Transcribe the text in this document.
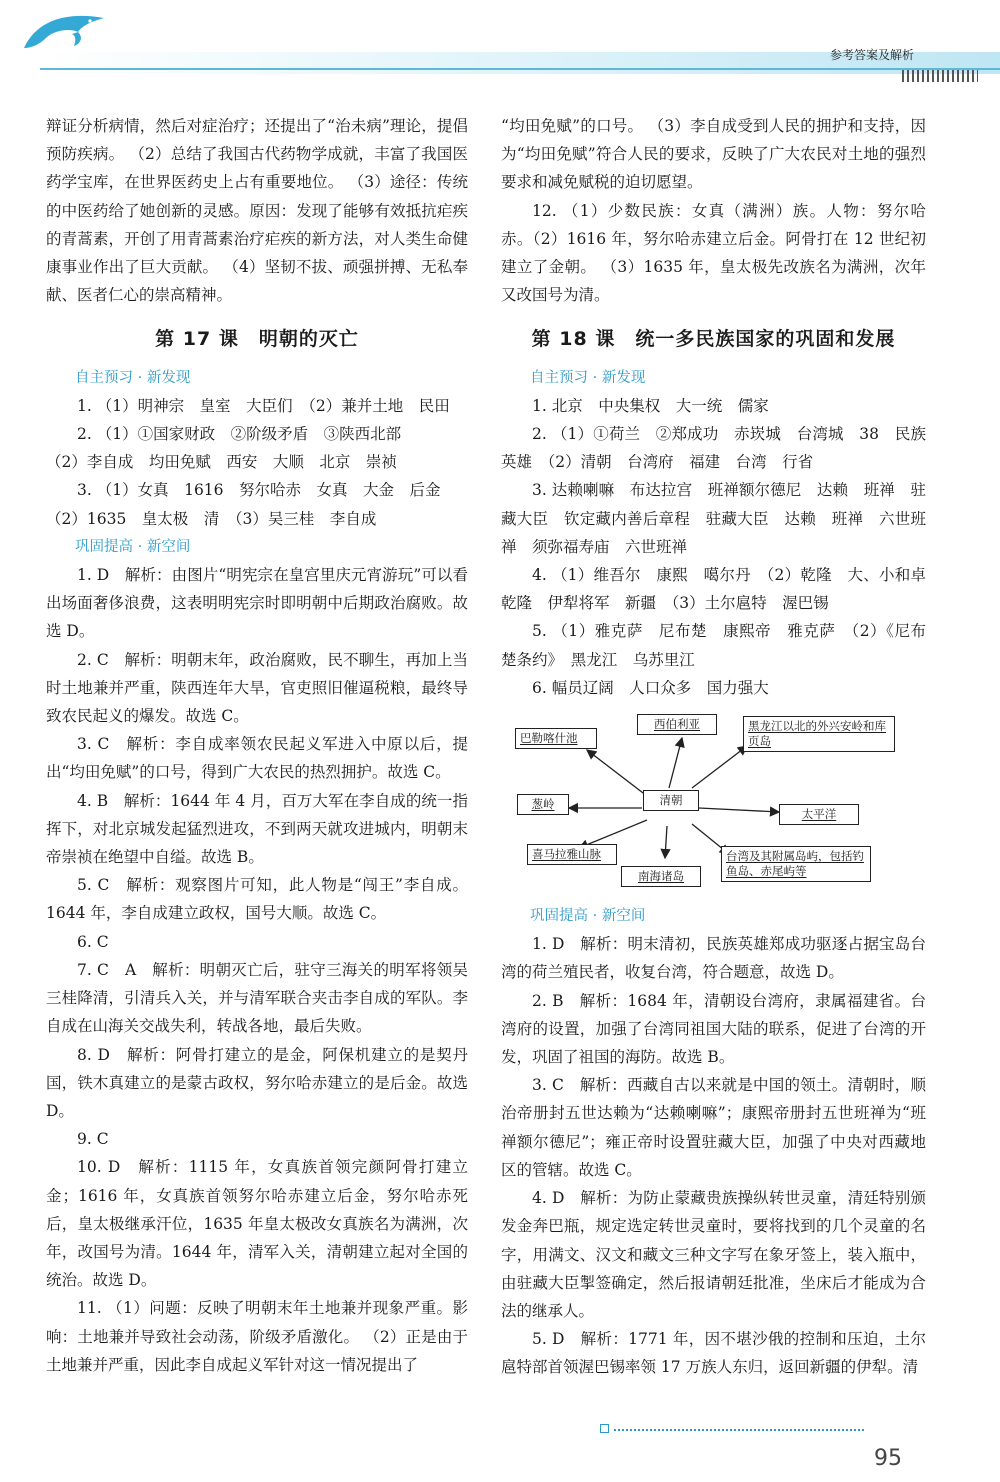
参考答案及解析

辩证分析病情，然后对症治疗；还提出了“治未病”理论，提倡预防疾病。 （2）总结了我国古代药物学成就，丰富了我国医药学宝库，在世界医药史上占有重要地位。 （3）途径：传统的中医药给了她创新的灵感。原因：发现了能够有效抵抗疟疾的青蒿素，开创了用青蒿素治疗疟疾的新方法，对人类生命健康事业作出了巨大贡献。 （4）坚韧不拔、顽强拼搏、无私奉献、医者仁心的崇高精神。

第 17 课　明朝的灭亡

自主预习 · 新发现

1. （1）明神宗　皇室　大臣们　（2）兼并土地　民田

2. （1）①国家财政　②阶级矛盾　③陕西北部

（2）李自成　均田免赋　西安　大顺　北京　崇祯

3. （1）女真　1616　努尔哈赤　女真　大金　后金

（2）1635　皇太极　清　（3）吴三桂　李自成

巩固提高 · 新空间

1. D　解析：由图片“明宪宗在皇宫里庆元宵游玩”可以看出场面奢侈浪费，这表明明宪宗时即明朝中后期政治腐败。故选 D。

2. C　解析：明朝末年，政治腐败，民不聊生，再加上当时土地兼并严重，陕西连年大旱，官吏照旧催逼税粮，最终导致农民起义的爆发。故选 C。

3. C　解析：李自成率领农民起义军进入中原以后，提出“均田免赋”的口号，得到广大农民的热烈拥护。故选 C。

4. B　解析：1644 年 4 月，百万大军在李自成的统一指挥下，对北京城发起猛烈进攻，不到两天就攻进城内，明朝末帝崇祯在绝望中自缢。故选 B。

5. C　解析：观察图片可知，此人物是“闯王”李自成。1644 年，李自成建立政权，国号大顺。故选 C。

6. C

7. C　A　解析：明朝灭亡后，驻守三海关的明军将领吴三桂降清，引清兵入关，并与清军联合夹击李自成的军队。李自成在山海关交战失利，转战各地，最后失败。

8. D　解析：阿骨打建立的是金，阿保机建立的是契丹国，铁木真建立的是蒙古政权，努尔哈赤建立的是后金。故选 D。

9. C

10. D　解析：1115 年，女真族首领完颜阿骨打建立金；1616 年，女真族首领努尔哈赤建立后金，努尔哈赤死后，皇太极继承汗位，1635 年皇太极改女真族名为满洲，次年，改国号为清。1644 年，清军入关，清朝建立起对全国的统治。故选 D。

11. （1）问题：反映了明朝末年土地兼并现象严重。影响：土地兼并导致社会动荡，阶级矛盾激化。 （2）正是由于土地兼并严重，因此李自成起义军针对这一情况提出了

“均田免赋”的口号。 （3）李自成受到人民的拥护和支持，因为“均田免赋”符合人民的要求，反映了广大农民对土地的强烈要求和减免赋税的迫切愿望。

12. （1）少数民族：女真（满洲）族。人物：努尔哈赤。（2）1616 年，努尔哈赤建立后金。阿骨打在 12 世纪初建立了金朝。 （3）1635 年，皇太极先改族名为满洲，次年又改国号为清。

第 18 课　统一多民族国家的巩固和发展

自主预习 · 新发现

1. 北京　中央集权　大一统　儒家

2. （1）①荷兰　②郑成功　赤崁城　台湾城　38　民族英雄　（2）清朝　台湾府　福建　台湾　行省

3. 达赖喇嘛　布达拉宫　班禅额尔德尼　达赖　班禅　驻藏大臣　钦定藏内善后章程　驻藏大臣　达赖　班禅　六世班禅　须弥福寿庙　六世班禅

4. （1）维吾尔　康熙　噶尔丹　（2）乾隆　大、小和卓　乾隆　伊犁将军　新疆　（3）土尔扈特　渥巴锡

5. （1）雅克萨　尼布楚　康熙帝　雅克萨　（2）《尼布楚条约》　黑龙江　乌苏里江

6. 幅员辽阔　人口众多　国力强大

巴勒喀什池
西伯利亚	黑龙江以北的外兴安岭和库页岛
葱岭	清朝
太平洋
喜马拉雅山脉
南海诸岛
台湾及其附属岛屿，包括钓鱼岛、赤尾屿等

巩固提高 · 新空间

1. D　解析：明末清初，民族英雄郑成功驱逐占据宝岛台湾的荷兰殖民者，收复台湾，符合题意，故选 D。

2. B　解析：1684 年，清朝设台湾府，隶属福建省。台湾府的设置，加强了台湾同祖国大陆的联系，促进了台湾的开发，巩固了祖国的海防。故选 B。

3. C　解析：西藏自古以来就是中国的领土。清朝时，顺治帝册封五世达赖为“达赖喇嘛”；康熙帝册封五世班禅为“班禅额尔德尼”；雍正帝时设置驻藏大臣，加强了中央对西藏地区的管辖。故选 C。

4. D　解析：为防止蒙藏贵族操纵转世灵童，清廷特别颁发金奔巴瓶，规定选定转世灵童时，要将找到的几个灵童的名字，用满文、汉文和藏文三种文字写在象牙签上，装入瓶中，由驻藏大臣掣签确定，然后报请朝廷批准，坐床后才能成为合法的继承人。

5. D　解析：1771 年，因不堪沙俄的控制和压迫，土尔扈特部首领渥巴锡率领 17 万族人东归，返回新疆的伊犁。清

95
